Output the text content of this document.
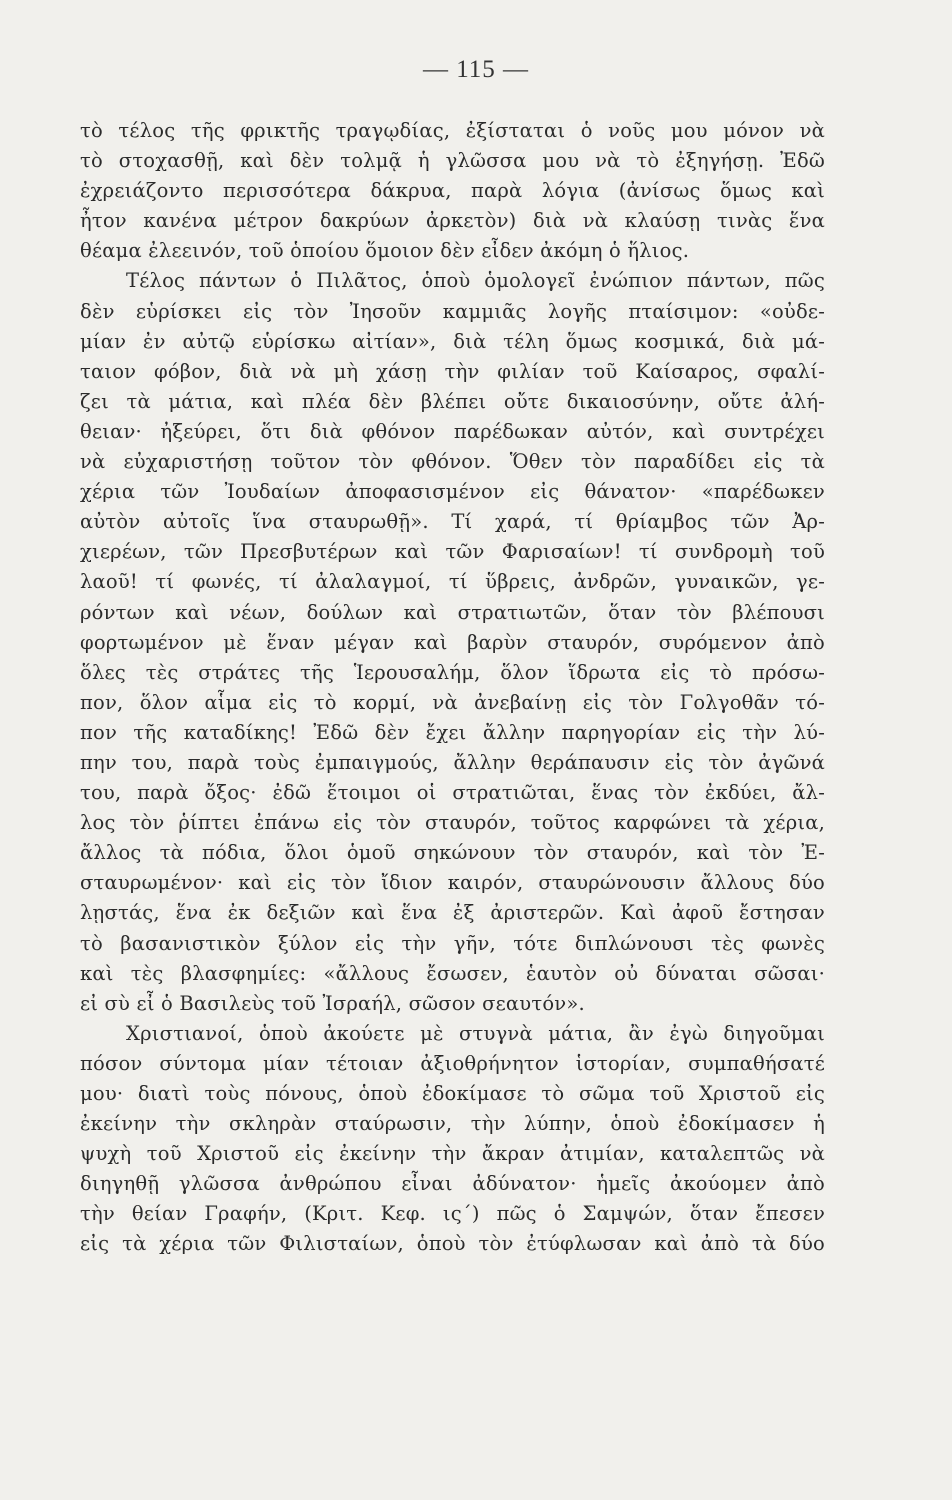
— 115 —
τὸ τέλος τῆς φρικτῆς τραγῳδίας, ἐξίσταται ὁ νοῦς μου μόνον νὰ
τὸ στοχασθῇ, καὶ δὲν τολμᾷ ἡ γλῶσσα μου νὰ τὸ ἐξηγήσῃ. Ἐδῶ
ἐχρειάζοντο περισσότερα δάκρυα, παρὰ λόγια (ἀνίσως ὅμως καὶ
ἦτον κανένα μέτρον δακρύων ἀρκετὸν) διὰ νὰ κλαύσῃ τινὰς ἕνα
θέαμα ἐλεεινόν, τοῦ ὁποίου ὅμοιον δὲν εἶδεν ἀκόμη ὁ ἥλιος.
Τέλος πάντων ὁ Πιλᾶτος, ὁποὺ ὁμολογεῖ ἐνώπιον πάντων, πῶς
δὲν εὑρίσκει εἰς τὸν Ἰησοῦν καμμιᾶς λογῆς πταίσιμον: «οὐδε-
μίαν ἐν αὐτῷ εὑρίσκω αἰτίαν», διὰ τέλη ὅμως κοσμικά, διὰ μά-
ταιον φόβον, διὰ νὰ μὴ χάσῃ τὴν φιλίαν τοῦ Καίσαρος, σφαλί-
ζει τὰ μάτια, καὶ πλέα δὲν βλέπει οὔτε δικαιοσύνην, οὔτε ἀλή-
θειαν· ἠξεύρει, ὅτι διὰ φθόνον παρέδωκαν αὐτόν, καὶ συντρέχει
νὰ εὐχαριστήσῃ τοῦτον τὸν φθόνον. Ὅθεν τὸν παραδίδει εἰς τὰ
χέρια τῶν Ἰουδαίων ἀποφασισμένον εἰς θάνατον· «παρέδωκεν
αὐτὸν αὐτοῖς ἵνα σταυρωθῇ». Τί χαρά, τί θρίαμβος τῶν Ἀρ-
χιερέων, τῶν Πρεσβυτέρων καὶ τῶν Φαρισαίων! τί συνδρομὴ τοῦ
λαοῦ! τί φωνές, τί ἀλαλαγμοί, τί ὕβρεις, ἀνδρῶν, γυναικῶν, γε-
ρόντων καὶ νέων, δούλων καὶ στρατιωτῶν, ὅταν τὸν βλέπουσι
φορτωμένον μὲ ἕναν μέγαν καὶ βαρὺν σταυρόν, συρόμενον ἀπὸ
ὅλες τὲς στράτες τῆς Ἱερουσαλήμ, ὅλον ἵδρωτα εἰς τὸ πρόσω-
πον, ὅλον αἷμα εἰς τὸ κορμί, νὰ ἀνεβαίνῃ εἰς τὸν Γολγοθᾶν τό-
πον τῆς καταδίκης! Ἐδῶ δὲν ἔχει ἄλλην παρηγορίαν εἰς τὴν λύ-
πην του, παρὰ τοὺς ἐμπαιγμούς, ἄλλην θεράπαυσιν εἰς τὸν ἀγῶνά
του, παρὰ ὄξος· ἐδῶ ἕτοιμοι οἱ στρατιῶται, ἕνας τὸν ἐκδύει, ἄλ-
λος τὸν ῥίπτει ἐπάνω εἰς τὸν σταυρόν, τοῦτος καρφώνει τὰ χέρια,
ἄλλος τὰ πόδια, ὅλοι ὁμοῦ σηκώνουν τὸν σταυρόν, καὶ τὸν Ἐ-
σταυρωμένον· καὶ εἰς τὸν ἴδιον καιρόν, σταυρώνουσιν ἄλλους δύο
λῃστάς, ἕνα ἐκ δεξιῶν καὶ ἕνα ἐξ ἀριστερῶν. Καὶ ἀφοῦ ἔστησαν
τὸ βασανιστικὸν ξύλον εἰς τὴν γῆν, τότε διπλώνουσι τὲς φωνὲς
καὶ τὲς βλασφημίες: «ἄλλους ἔσωσεν, ἑαυτὸν οὐ δύναται σῶσαι·
εἰ σὺ εἶ ὁ Βασιλεὺς τοῦ Ἰσραήλ, σῶσον σεαυτόν».
Χριστιανοί, ὁποὺ ἀκούετε μὲ στυγνὰ μάτια, ἂν ἐγὼ διηγοῦμαι
πόσον σύντομα μίαν τέτοιαν ἀξιοθρήνητον ἱστορίαν, συμπαθήσατέ
μου· διατὶ τοὺς πόνους, ὁποὺ ἐδοκίμασε τὸ σῶμα τοῦ Χριστοῦ εἰς
ἐκείνην τὴν σκληρὰν σταύρωσιν, τὴν λύπην, ὁποὺ ἐδοκίμασεν ἡ
ψυχὴ τοῦ Χριστοῦ εἰς ἐκείνην τὴν ἄκραν ἀτιμίαν, καταλεπτῶς νὰ
διηγηθῇ γλῶσσα ἀνθρώπου εἶναι ἀδύνατον· ἡμεῖς ἀκούομεν ἀπὸ
τὴν θείαν Γραφήν, (Κριτ. Κεφ. ις´) πῶς ὁ Σαμψών, ὅταν ἔπεσεν
εἰς τὰ χέρια τῶν Φιλισταίων, ὁποὺ τὸν ἐτύφλωσαν καὶ ἀπὸ τὰ δύο
